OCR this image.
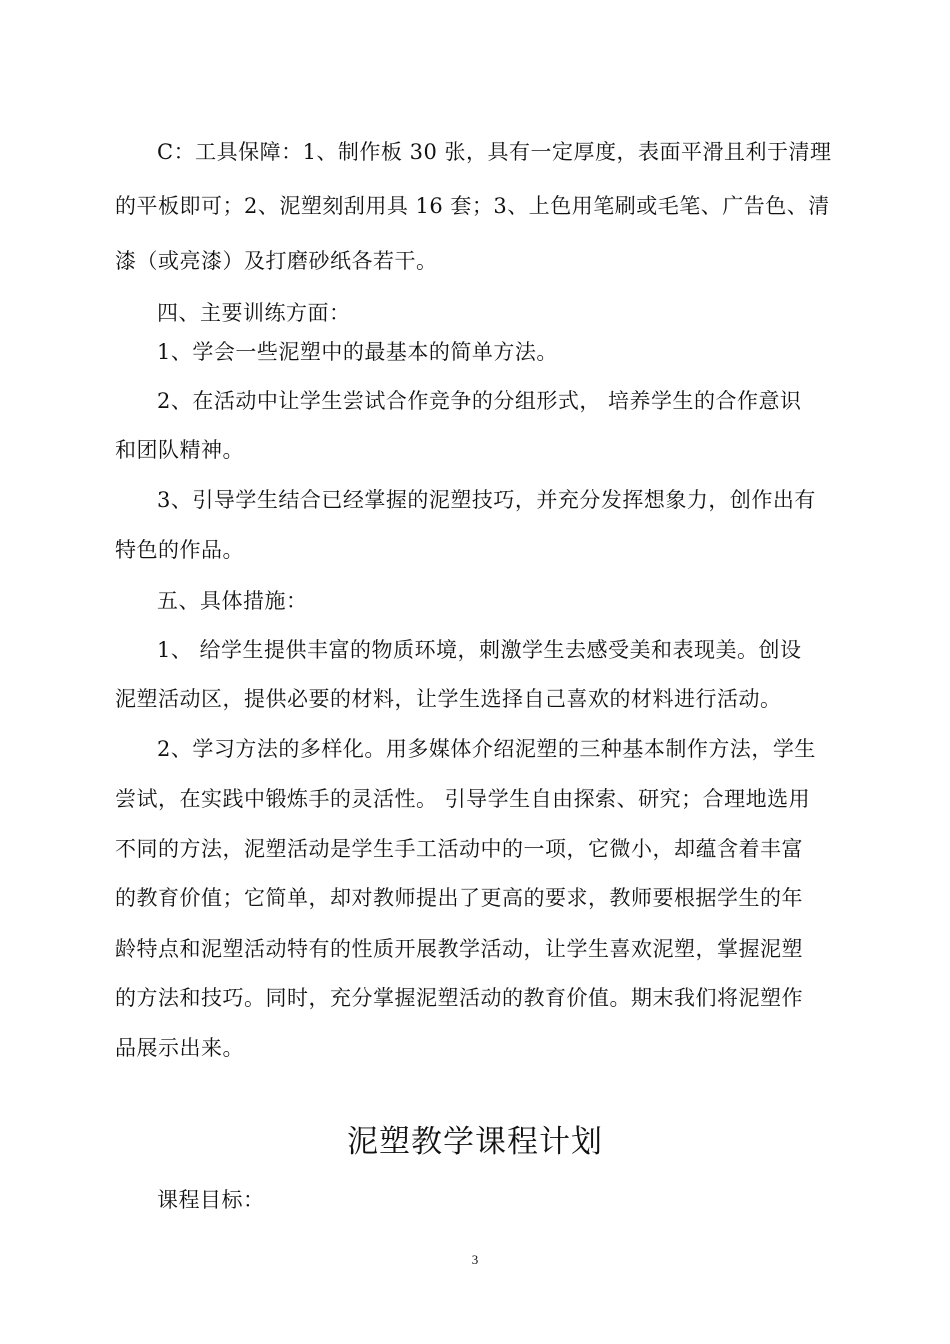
C：工具保障：1、制作板 30 张，具有一定厚度，表面平滑且利于清理
的平板即可；2、泥塑刻刮用具 16 套；3、上色用笔刷或毛笔、广告色、清
漆（或亮漆）及打磨砂纸各若干。
四、主要训练方面：
1、学会一些泥塑中的最基本的简单方法。
2、在活动中让学生尝试合作竞争的分组形式， 培养学生的合作意识
和团队精神。
3、引导学生结合已经掌握的泥塑技巧，并充分发挥想象力，创作出有
特色的作品。
五、具体措施：
1、 给学生提供丰富的物质环境，刺激学生去感受美和表现美。创设
泥塑活动区，提供必要的材料，让学生选择自己喜欢的材料进行活动。
2、学习方法的多样化。用多媒体介绍泥塑的三种基本制作方法，学生
尝试，在实践中锻炼手的灵活性。 引导学生自由探索、研究；合理地选用
不同的方法，泥塑活动是学生手工活动中的一项，它微小，却蕴含着丰富
的教育价值；它简单，却对教师提出了更高的要求，教师要根据学生的年
龄特点和泥塑活动特有的性质开展教学活动，让学生喜欢泥塑，掌握泥塑
的方法和技巧。同时，充分掌握泥塑活动的教育价值。期末我们将泥塑作
品展示出来。
泥塑教学课程计划
课程目标：
3
